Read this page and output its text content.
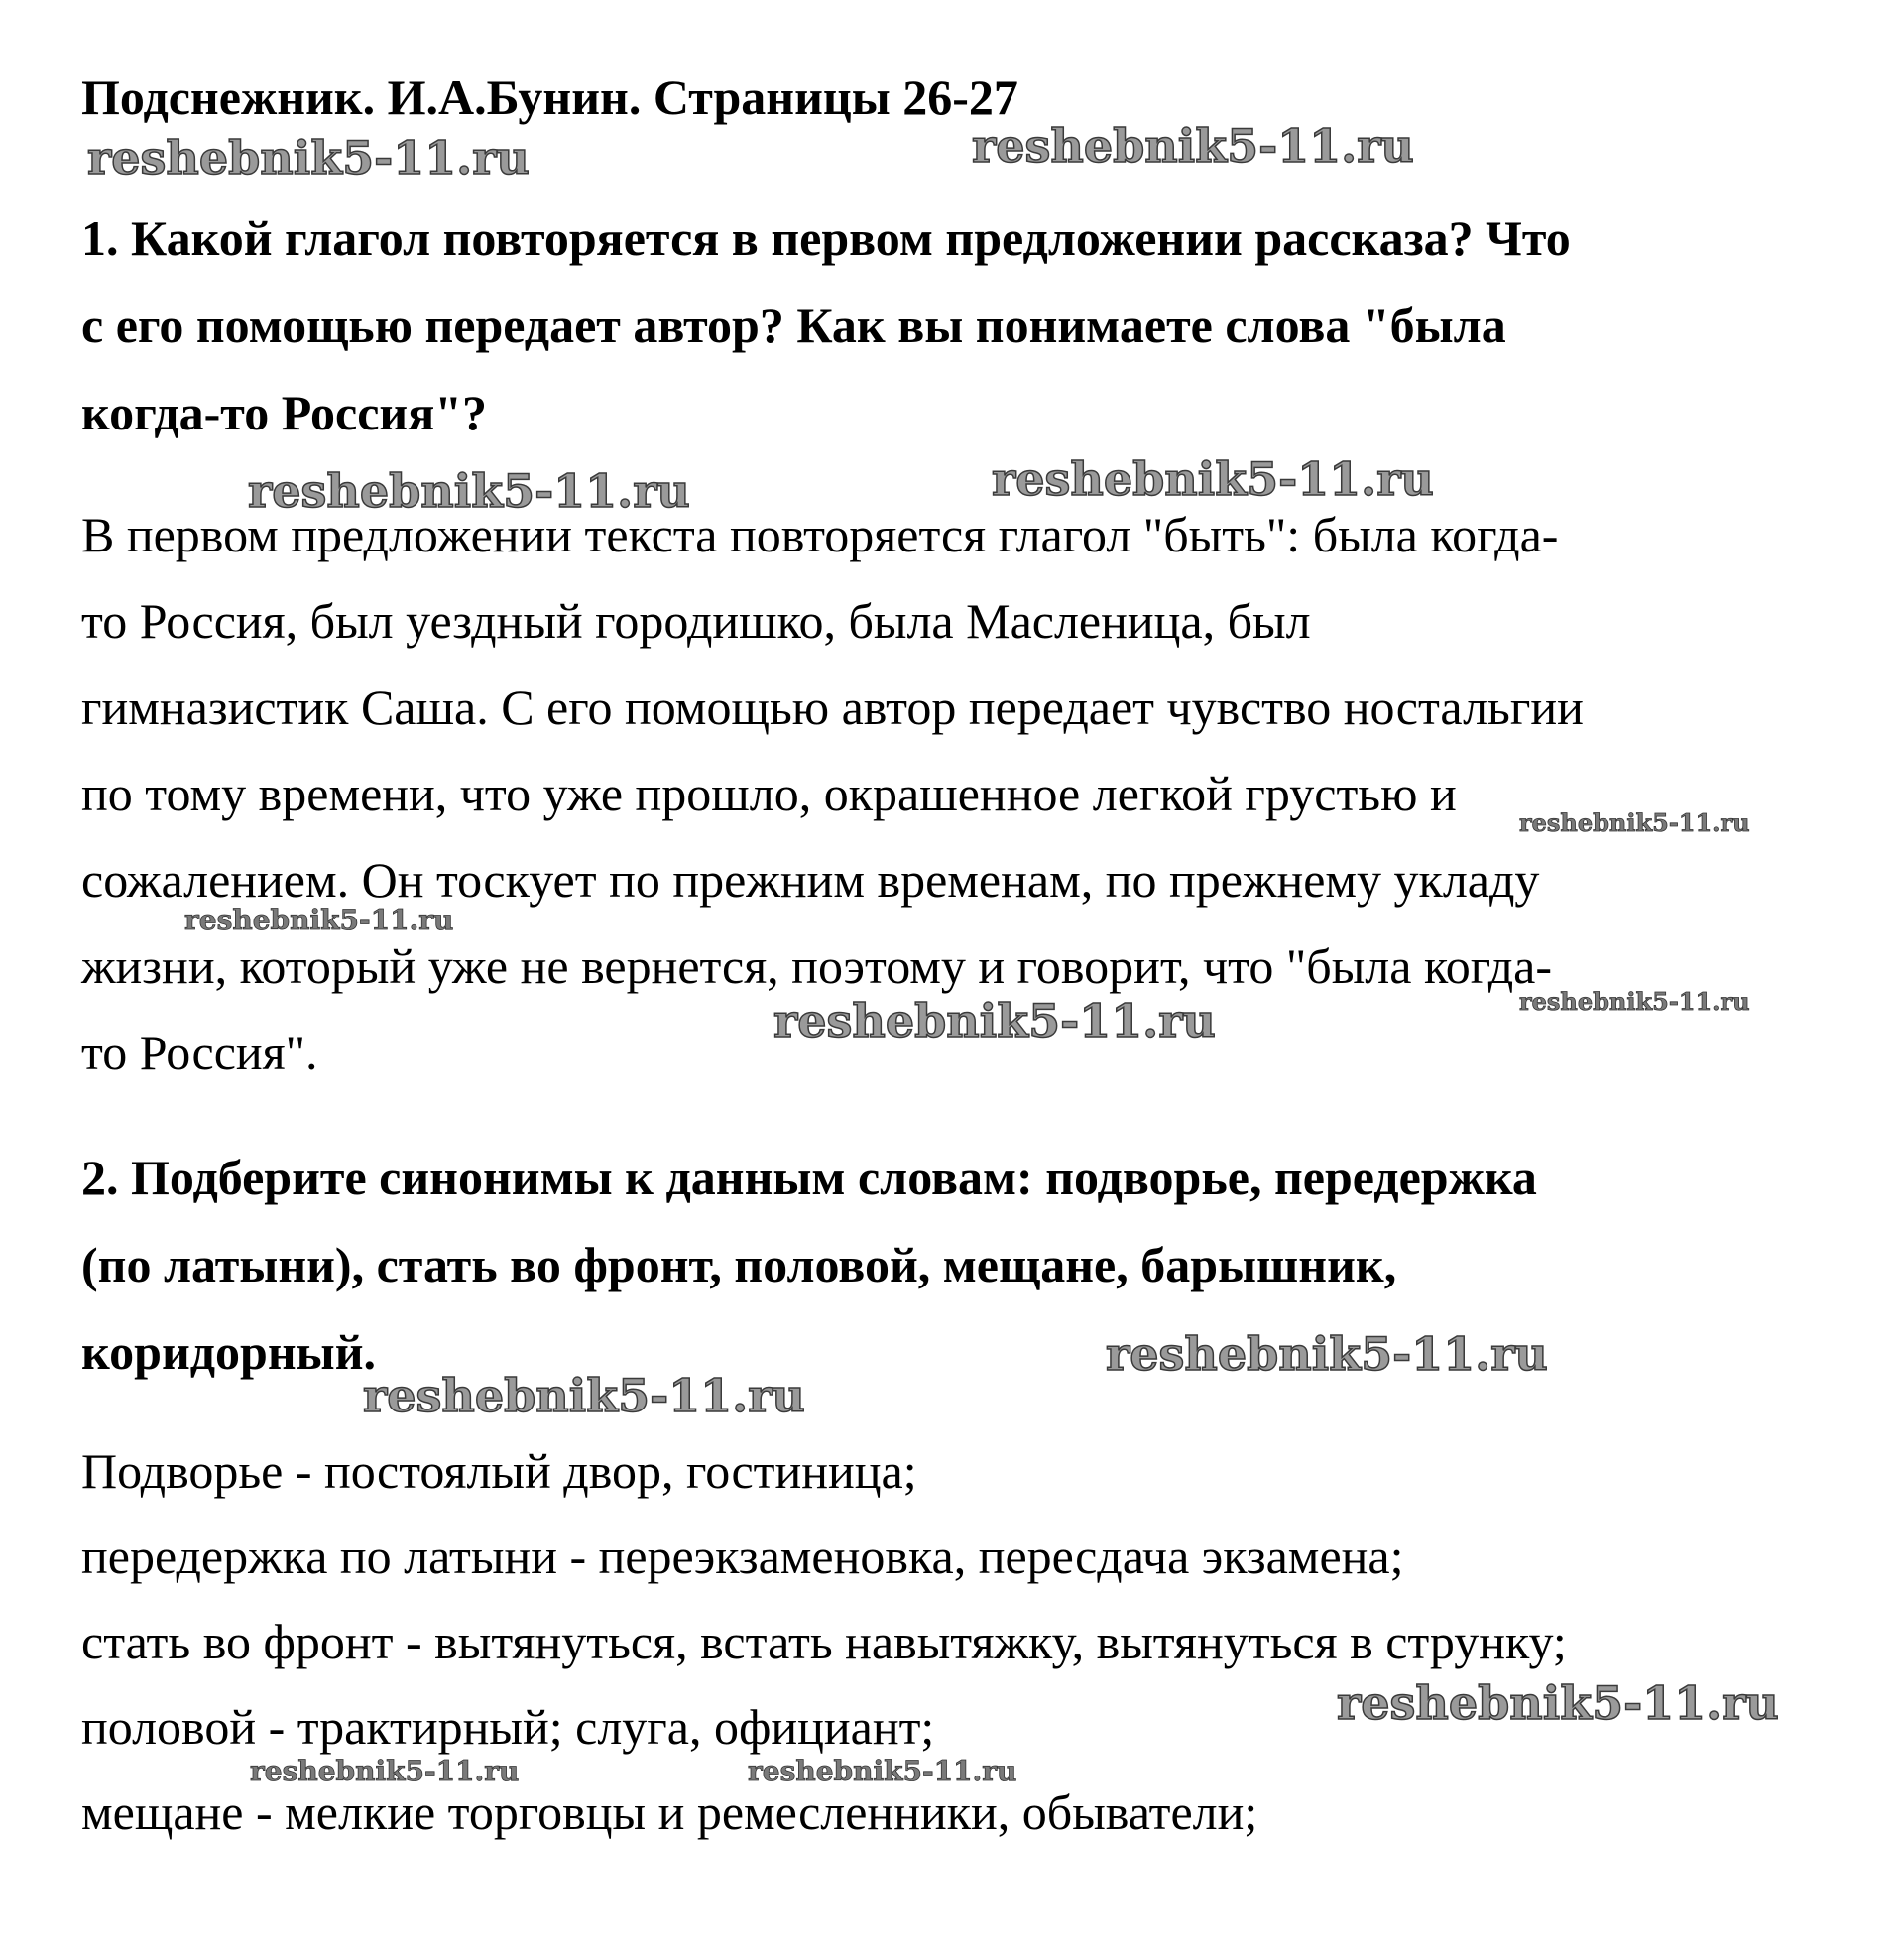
Подснежник. И.А.Бунин. Страницы 26-27
1. Какой глагол повторяется в первом предложении рассказа? Что
с его помощью передает автор? Как вы понимаете слова "была
когда-то Россия"?
В первом предложении текста повторяется глагол "быть": была когда-
то Россия, был уездный городишко, была Масленица, был
гимназистик Саша. С его помощью автор передает чувство ностальгии
по тому времени, что уже прошло, окрашенное легкой грустью и
сожалением. Он тоскует по прежним временам, по прежнему укладу
жизни, который уже не вернется, поэтому и говорит, что "была когда-
то Россия".
2. Подберите синонимы к данным словам: подворье, передержка
(по латыни), стать во фронт, половой, мещане, барышник,
коридорный.
Подворье - постоялый двор, гостиница;
передержка по латыни - переэкзаменовка, пересдача экзамена;
стать во фронт - вытянуться, встать навытяжку, вытянуться в струнку;
половой - трактирный; слуга, официант;
мещане - мелкие торговцы и ремесленники, обыватели;
reshebnik5-11.ru	reshebnik5-11.ru
reshebnik5-11.ru	reshebnik5-11.ru
reshebnik5-11.ru
reshebnik5-11.ru
reshebnik5-11.ru
reshebnik5-11.ru
reshebnik5-11.ru
reshebnik5-11.ru
reshebnik5-11.ru
reshebnik5-11.ru	reshebnik5-11.ru
